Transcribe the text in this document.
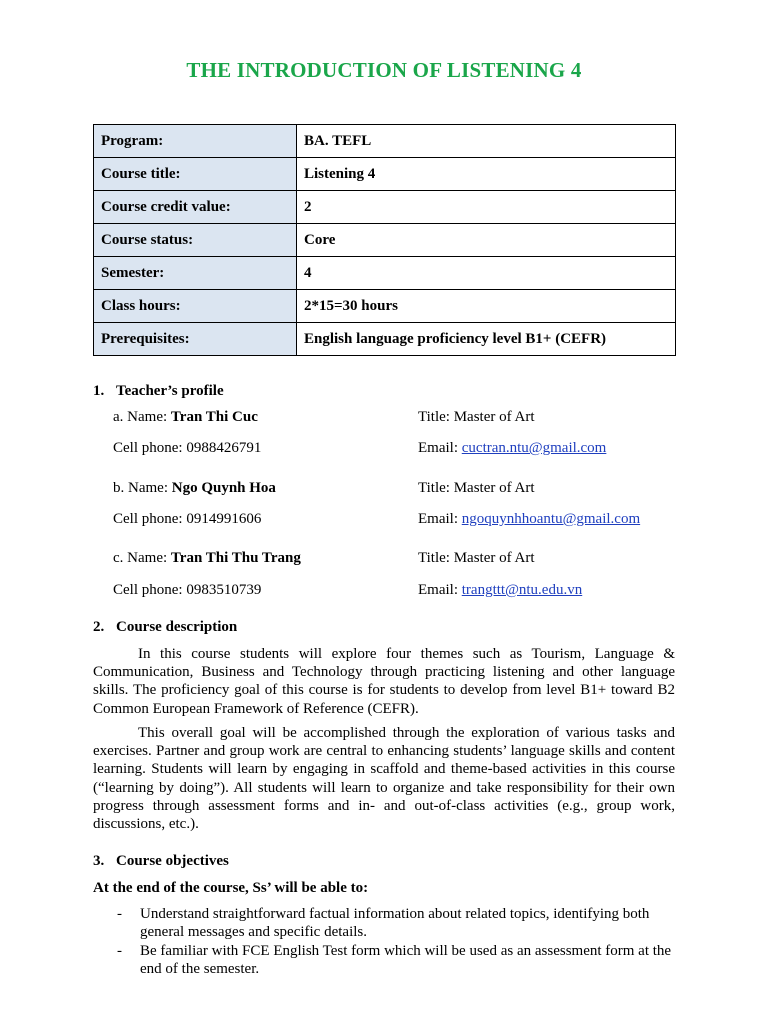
THE INTRODUCTION OF LISTENING 4
Program:	BA. TEFL
Course title:	Listening 4
Course credit value:	2
Course status:	Core
Semester:	4
Class hours:	2*15=30 hours
Prerequisites:	English language proficiency level B1+ (CEFR)
1. Teacher’s profile
a. Name: Tran Thi Cuc	Title: Master of Art
Cell phone: 0988426791	Email: cuctran.ntu@gmail.com
b. Name: Ngo Quynh Hoa	Title: Master of Art
Cell phone: 0914991606	Email: ngoquynhhoantu@gmail.com
c. Name: Tran Thi Thu Trang	Title: Master of Art
Cell phone: 0983510739	Email: trangttt@ntu.edu.vn
2. Course description

In this course students will explore four themes such as Tourism, Language & Communication, Business and Technology through practicing listening and other language skills. The proficiency goal of this course is for students to develop from level B1+ toward B2 Common European Framework of Reference (CEFR).

This overall goal will be accomplished through the exploration of various tasks and exercises. Partner and group work are central to enhancing students’ language skills and content learning. Students will learn by engaging in scaffold and theme-based activities in this course (“learning by doing”). All students will learn to organize and take responsibility for their own progress through assessment forms and in- and out-of-class activities (e.g., group work, discussions, etc.).

3. Course objectives
At the end of the course, Ss’ will be able to:
- Understand straightforward factual information about related topics, identifying both general messages and specific details.
- Be familiar with FCE English Test form which will be used as an assessment form at the end of the semester.
